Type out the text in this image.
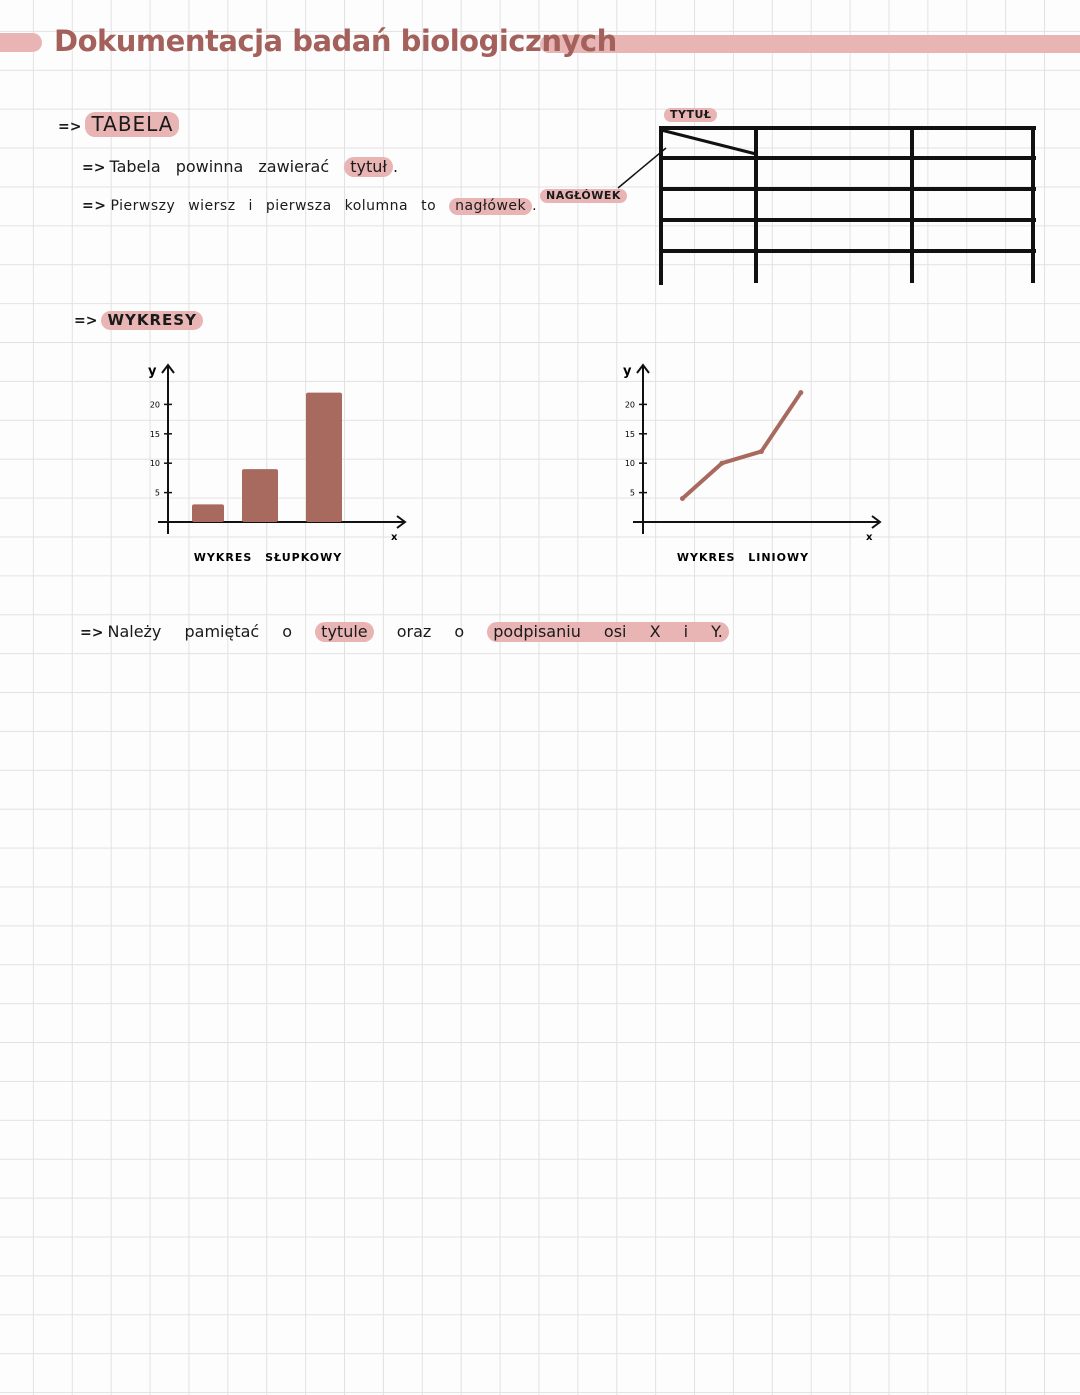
Dokumentacja badań biologicznych
=> TABELA
=> Tabela powinna zawierać tytuł .
=> Pierwszy wiersz i pierwsza kolumna to nagłówek .
TYTUŁ
NAGŁÓWEK
=> WYKRESY
y
x
5
10
15
20
WYKRES SŁUPKOWY
y
x
5
10
15
20
WYKRES LINIOWY
=> Należy pamiętać o tytule oraz o podpisaniu osi X i Y.
